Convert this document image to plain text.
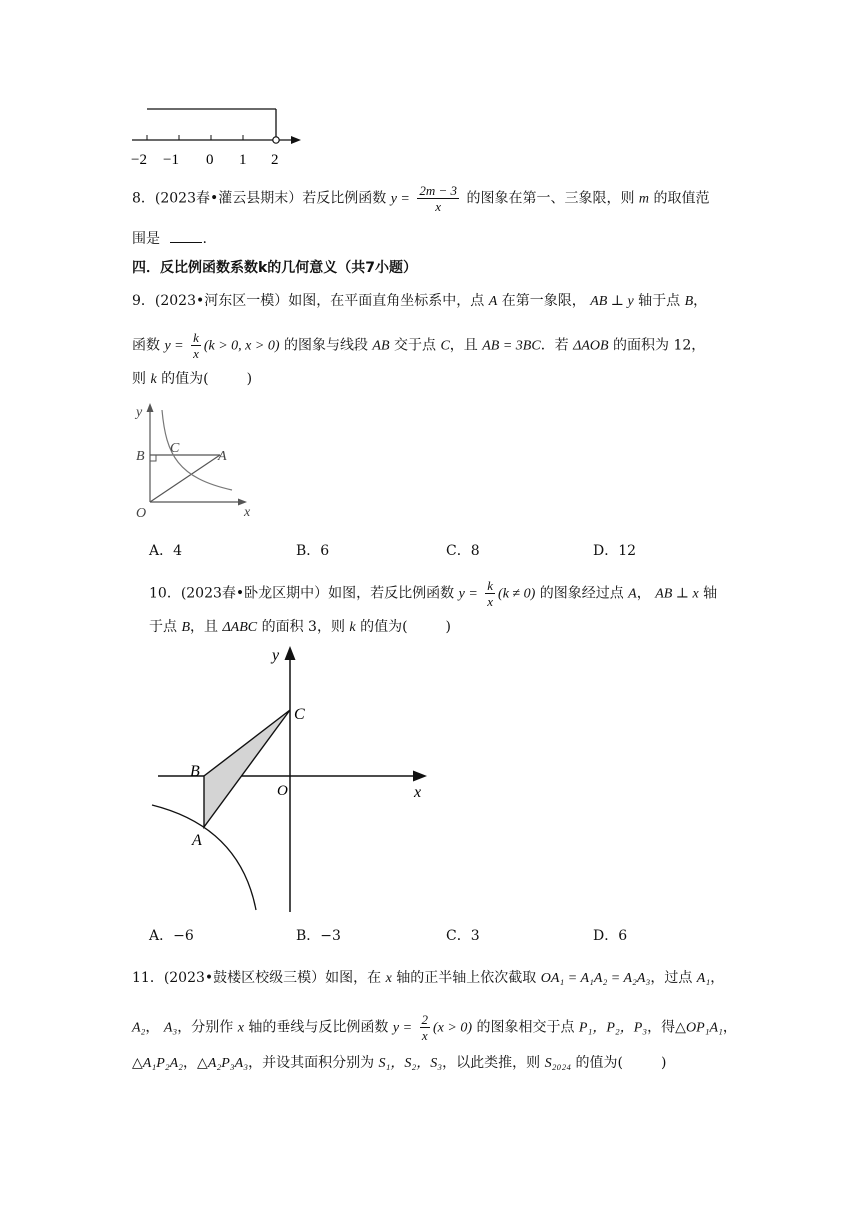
−2 −1 0 1 2
8．(2023春•灌云县期末）若反比例函数 $y = \frac{2m - 3}{x}$ 的图象在第一、三象限，则 m 的取值范
围是	.
四．反比例函数系数k的几何意义（共7小题）
9．(2023•河东区一模）如图，在平面直角坐标系中，点 A 在第一象限， AB ⊥ y 轴于点 B，
函数 $y = \frac{k}{x} (k > 0$, x > 0) 的图象与线段 AB 交于点 C，且 AB = 3BC．若 ΔAOB 的面积为 12，
则 k 的值为(	)
y
B
C
A
O	x
A．4	B．6	C．8	D．12
10．(2023春•卧龙区期中）如图，若反比例函数 $y = \frac{k}{x} (k \ne 0)$ 的图象经过点 A， AB ⊥ x 轴
于点 B，且 ΔABC 的面积 3，则 k 的值为(	)
y
C
B
O	x
A
A．−6	B．−3	C．3	D．6
11．(2023•鼓楼区校级三模）如图，在 x 轴的正半轴上依次截取 OA₁ = A₁A₂ = A₂A₃，过点 A₁，
A₂， A₃，分别作 x 轴的垂线与反比例函数 $y = \frac{2}{x} (x > 0)$ 的图象相交于点 P₁，P₂，P₃，得△OP₁A₁，
△A₁P₂A₂，△A₂P₃A₃，并设其面积分别为 S₁，S₂，S₃，以此类推，则 S₂₀₂₄ 的值为(	)
